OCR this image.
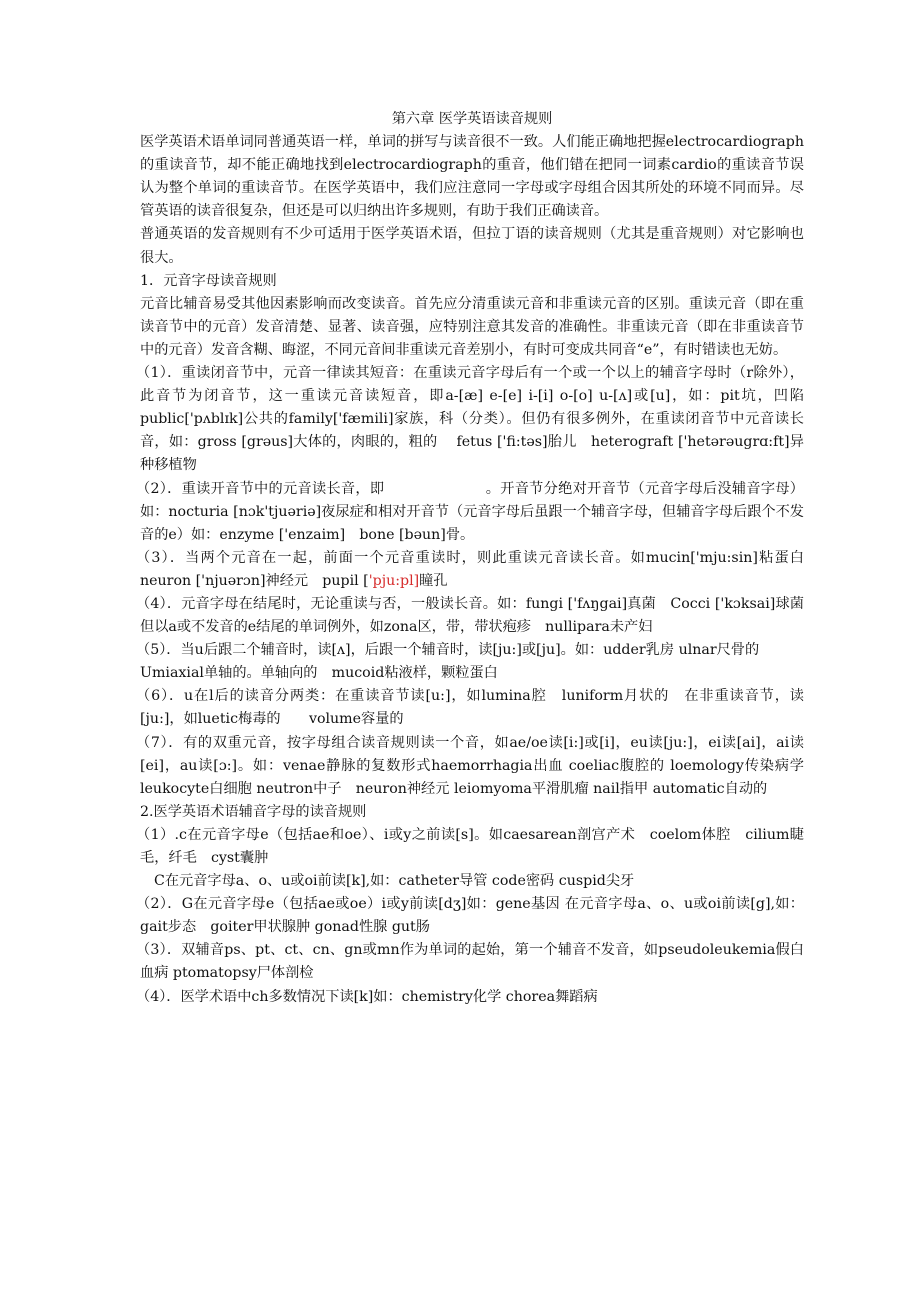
第六章 医学英语读音规则

医学英语术语单词同普通英语一样，单词的拼写与读音很不一致。人们能正确地把握electrocardiograph的重读音节，却不能正确地找到electrocardiograph的重音，他们错在把同一词素cardio的重读音节误认为整个单词的重读音节。在医学英语中，我们应注意同一字母或字母组合因其所处的环境不同而异。尽管英语的读音很复杂，但还是可以归纳出许多规则，有助于我们正确读音。

普通英语的发音规则有不少可适用于医学英语术语，但拉丁语的读音规则（尤其是重音规则）对它影响也很大。

1．元音字母读音规则

元音比辅音易受其他因素影响而改变读音。首先应分清重读元音和非重读元音的区别。重读元音（即在重读音节中的元音）发音清楚、显著、读音强，应特别注意其发音的准确性。非重读元音（即在非重读音节中的元音）发音含糊、晦涩，不同元音间非重读元音差别小，有时可变成共同音“e”，有时错读也无妨。

（1）．重读闭音节中，元音一律读其短音：在重读元音字母后有一个或一个以上的辅音字母时（r除外），此音节为闭音节，这一重读元音读短音，即a-[æ] e-[e] i-[i] o-[o] u-[ʌ]或[u]，如：pit坑，凹陷public['pʌblɪk]公共的family['fæmili]家族，科（分类）。但仍有很多例外，在重读闭音节中元音读长音，如：gross [grəus]大体的，肉眼的，粗的　 fetus ['fi:təs]胎儿　heterograft ['hetərəugrɑ:ft]异种移植物

（2）．重读开音节中的元音读长音，即　　　　　　　。开音节分绝对开音节（元音字母后没辅音字母）如：nocturia [nɔk'tjuəriə]夜尿症和相对开音节（元音字母后虽跟一个辅音字母，但辅音字母后跟个不发音的e）如：enzyme ['enzaim]　bone [bəun]骨。

（3）．当两个元音在一起，前面一个元音重读时，则此重读元音读长音。如mucin['mju:sin]粘蛋白　neuron ['njuərɔn]神经元　pupil ['pju:pl]瞳孔

（4）．元音字母在结尾时，无论重读与否，一般读长音。如：fungi ['fʌŋgai]真菌　Cocci ['kɔksai]球菌　但以a或不发音的e结尾的单词例外，如zona区，带，带状疱疹　nullipara未产妇

（5）．当u后跟二个辅音时，读[ʌ]，后跟一个辅音时，读[ju:]或[ju]。如：udder乳房 ulnar尺骨的

Umiaxial单轴的。单轴向的　mucoid粘液样，颗粒蛋白

（6）．u在l后的读音分两类：在重读音节读[u:]，如lumina腔　luniform月状的　在非重读音节，读[ju:]，如luetic梅毒的　　volume容量的

（7）．有的双重元音，按字母组合读音规则读一个音，如ae/oe读[i:]或[i]，eu读[ju:]，ei读[ai]，ai读[ei]，au读[ɔ:]。如：venae静脉的复数形式haemorrhagia出血 coeliac腹腔的 loemology传染病学leukocyte白细胞 neutron中子　neuron神经元 leiomyoma平滑肌瘤 nail指甲 automatic自动的

2.医学英语术语辅音字母的读音规则

（1）.c在元音字母e（包括ae和oe）、i或y之前读[s]。如caesarean剖宫产术　coelom体腔　cilium睫毛，纤毛　cyst囊肿

C在元音字母a、o、u或oi前读[k],如：catheter导管 code密码 cuspid尖牙

（2）．G在元音字母e（包括ae或oe）i或y前读[dʒ]如：gene基因 在元音字母a、o、u或oi前读[g],如：gait步态　goiter甲状腺肿 gonad性腺 gut肠

（3）．双辅音ps、pt、ct、cn、gn或mn作为单词的起始，第一个辅音不发音，如pseudoleukemia假白血病 ptomatopsy尸体剖检

（4）．医学术语中ch多数情况下读[k]如：chemistry化学 chorea舞蹈病
